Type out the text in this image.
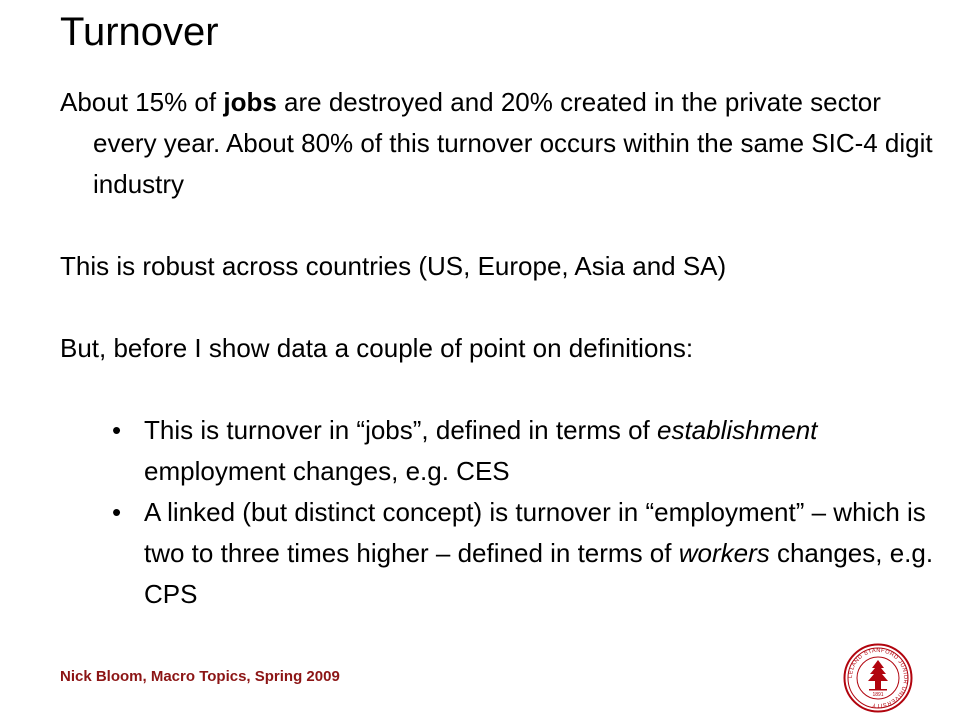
Turnover

About 15% of jobs are destroyed and 20% created in the private sector every year. About 80% of this turnover occurs within the same SIC-4 digit industry

This is robust across countries (US, Europe, Asia and SA)

But, before I show data a couple of point on definitions:

• This is turnover in “jobs”, defined in terms of establishment employment changes, e.g. CES
• A linked (but distinct concept) is turnover in “employment” – which is two to three times higher – defined in terms of workers changes, e.g. CPS
Nick Bloom, Macro Topics, Spring 2009	LELAND STANFORD JUNIOR UNIVERSITY
1891
